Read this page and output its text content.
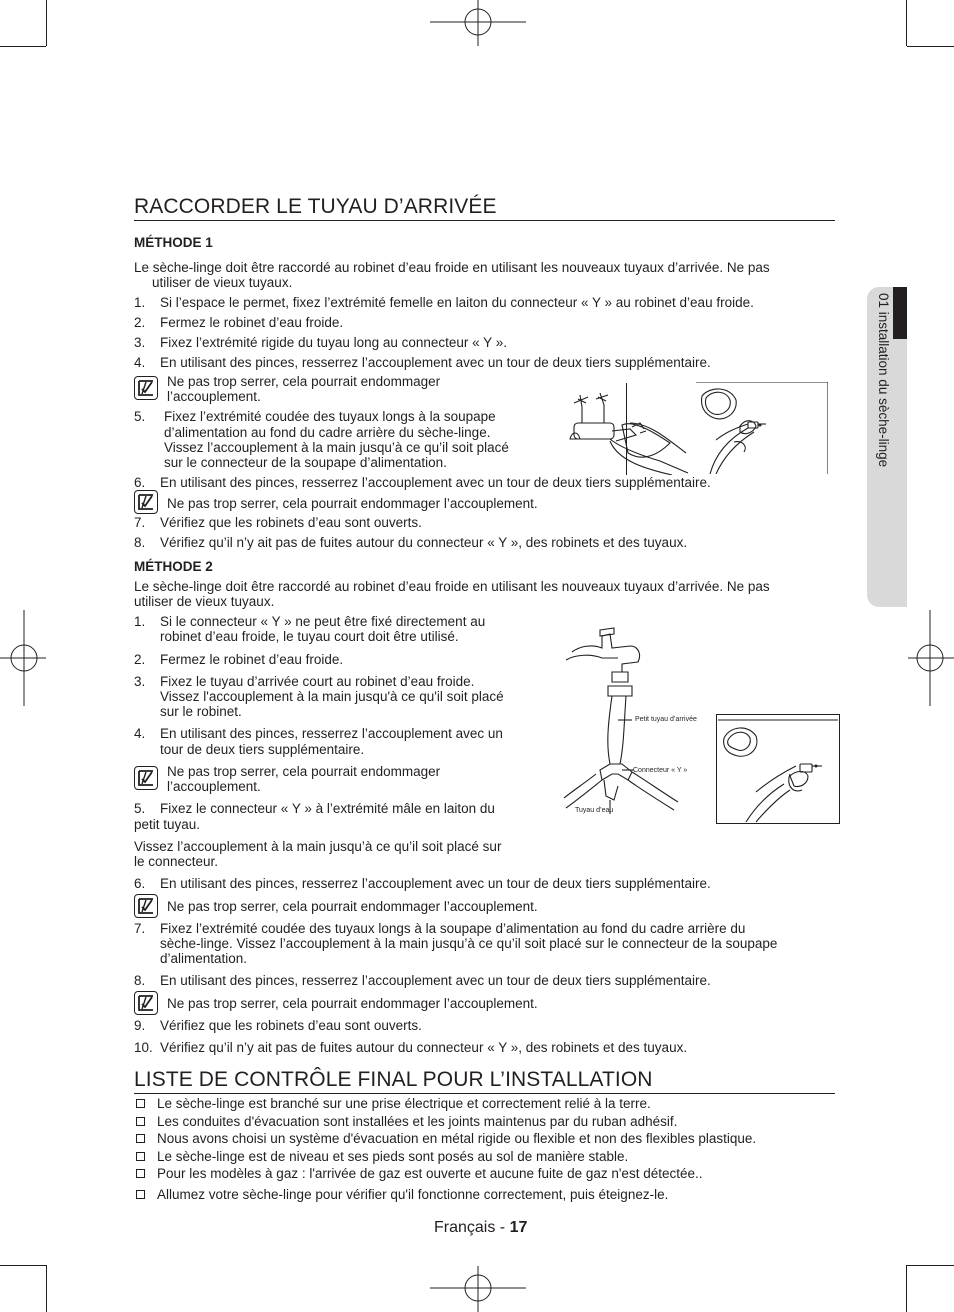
01 installation du sèche-linge
RACCORDER LE TUYAU D’ARRIVÉE
MÉTHODE 1
Le sèche-linge doit être raccordé au robinet d’eau froide en utilisant les nouveaux tuyaux d’arrivée. Ne pas
utiliser de vieux tuyaux.
1. Si l’espace le permet, fixez l’extrémité femelle en laiton du connecteur « Y » au robinet d’eau froide.
2. Fermez le robinet d’eau froide.
3. Fixez l’extrémité rigide du tuyau long au connecteur « Y ».
4. En utilisant des pinces, resserrez l’accouplement avec un tour de deux tiers supplémentaire.
Ne pas trop serrer, cela pourrait endommager
l’accouplement.
5. Fixez l’extrémité coudée des tuyaux longs à la soupape
d’alimentation au fond du cadre arrière du sèche-linge.
Vissez l’accouplement à la main jusqu’à ce qu’il soit placé
sur le connecteur de la soupape d’alimentation.
6. En utilisant des pinces, resserrez l’accouplement avec un tour de deux tiers supplémentaire.
Ne pas trop serrer, cela pourrait endommager l’accouplement.
7. Vérifiez que les robinets d’eau sont ouverts.
8. Vérifiez qu’il n’y ait pas de fuites autour du connecteur « Y », des robinets et des tuyaux.
MÉTHODE 2
Le sèche-linge doit être raccordé au robinet d’eau froide en utilisant les nouveaux tuyaux d’arrivée. Ne pas
utiliser de vieux tuyaux.
1. Si le connecteur « Y » ne peut être fixé directement au
robinet d’eau froide, le tuyau court doit être utilisé.
2. Fermez le robinet d’eau froide.
3. Fixez le tuyau d’arrivée court au robinet d’eau froide.
Vissez l'accouplement à la main jusqu'à ce qu'il soit placé
sur le robinet.
4. En utilisant des pinces, resserrez l’accouplement avec un
tour de deux tiers supplémentaire.
Ne pas trop serrer, cela pourrait endommager
l’accouplement.
5. Fixez le connecteur « Y » à l’extrémité mâle en laiton du
petit tuyau.
Vissez l’accouplement à la main jusqu’à ce qu’il soit placé sur
le connecteur.
Petit tuyau d’arrivée
Connecteur « Y »
Tuyau d’eau
6. En utilisant des pinces, resserrez l’accouplement avec un tour de deux tiers supplémentaire.
Ne pas trop serrer, cela pourrait endommager l’accouplement.
7. Fixez l’extrémité coudée des tuyaux longs à la soupape d’alimentation au fond du cadre arrière du
sèche-linge. Vissez l’accouplement à la main jusqu’à ce qu’il soit placé sur le connecteur de la soupape
d’alimentation.
8. En utilisant des pinces, resserrez l’accouplement avec un tour de deux tiers supplémentaire.
Ne pas trop serrer, cela pourrait endommager l’accouplement.
9. Vérifiez que les robinets d’eau sont ouverts.
10. Vérifiez qu’il n’y ait pas de fuites autour du connecteur « Y », des robinets et des tuyaux.
LISTE DE CONTRÔLE FINAL POUR L’INSTALLATION
Le sèche-linge est branché sur une prise électrique et correctement relié à la terre.
Les conduites d'évacuation sont installées et les joints maintenus par du ruban adhésif.
Nous avons choisi un système d'évacuation en métal rigide ou flexible et non des flexibles plastique.
Le sèche-linge est de niveau et ses pieds sont posés au sol de manière stable.
Pour les modèles à gaz : l'arrivée de gaz est ouverte et aucune fuite de gaz n'est détectée..
Allumez votre sèche-linge pour vérifier qu'il fonctionne correctement, puis éteignez-le.
Français - 17
